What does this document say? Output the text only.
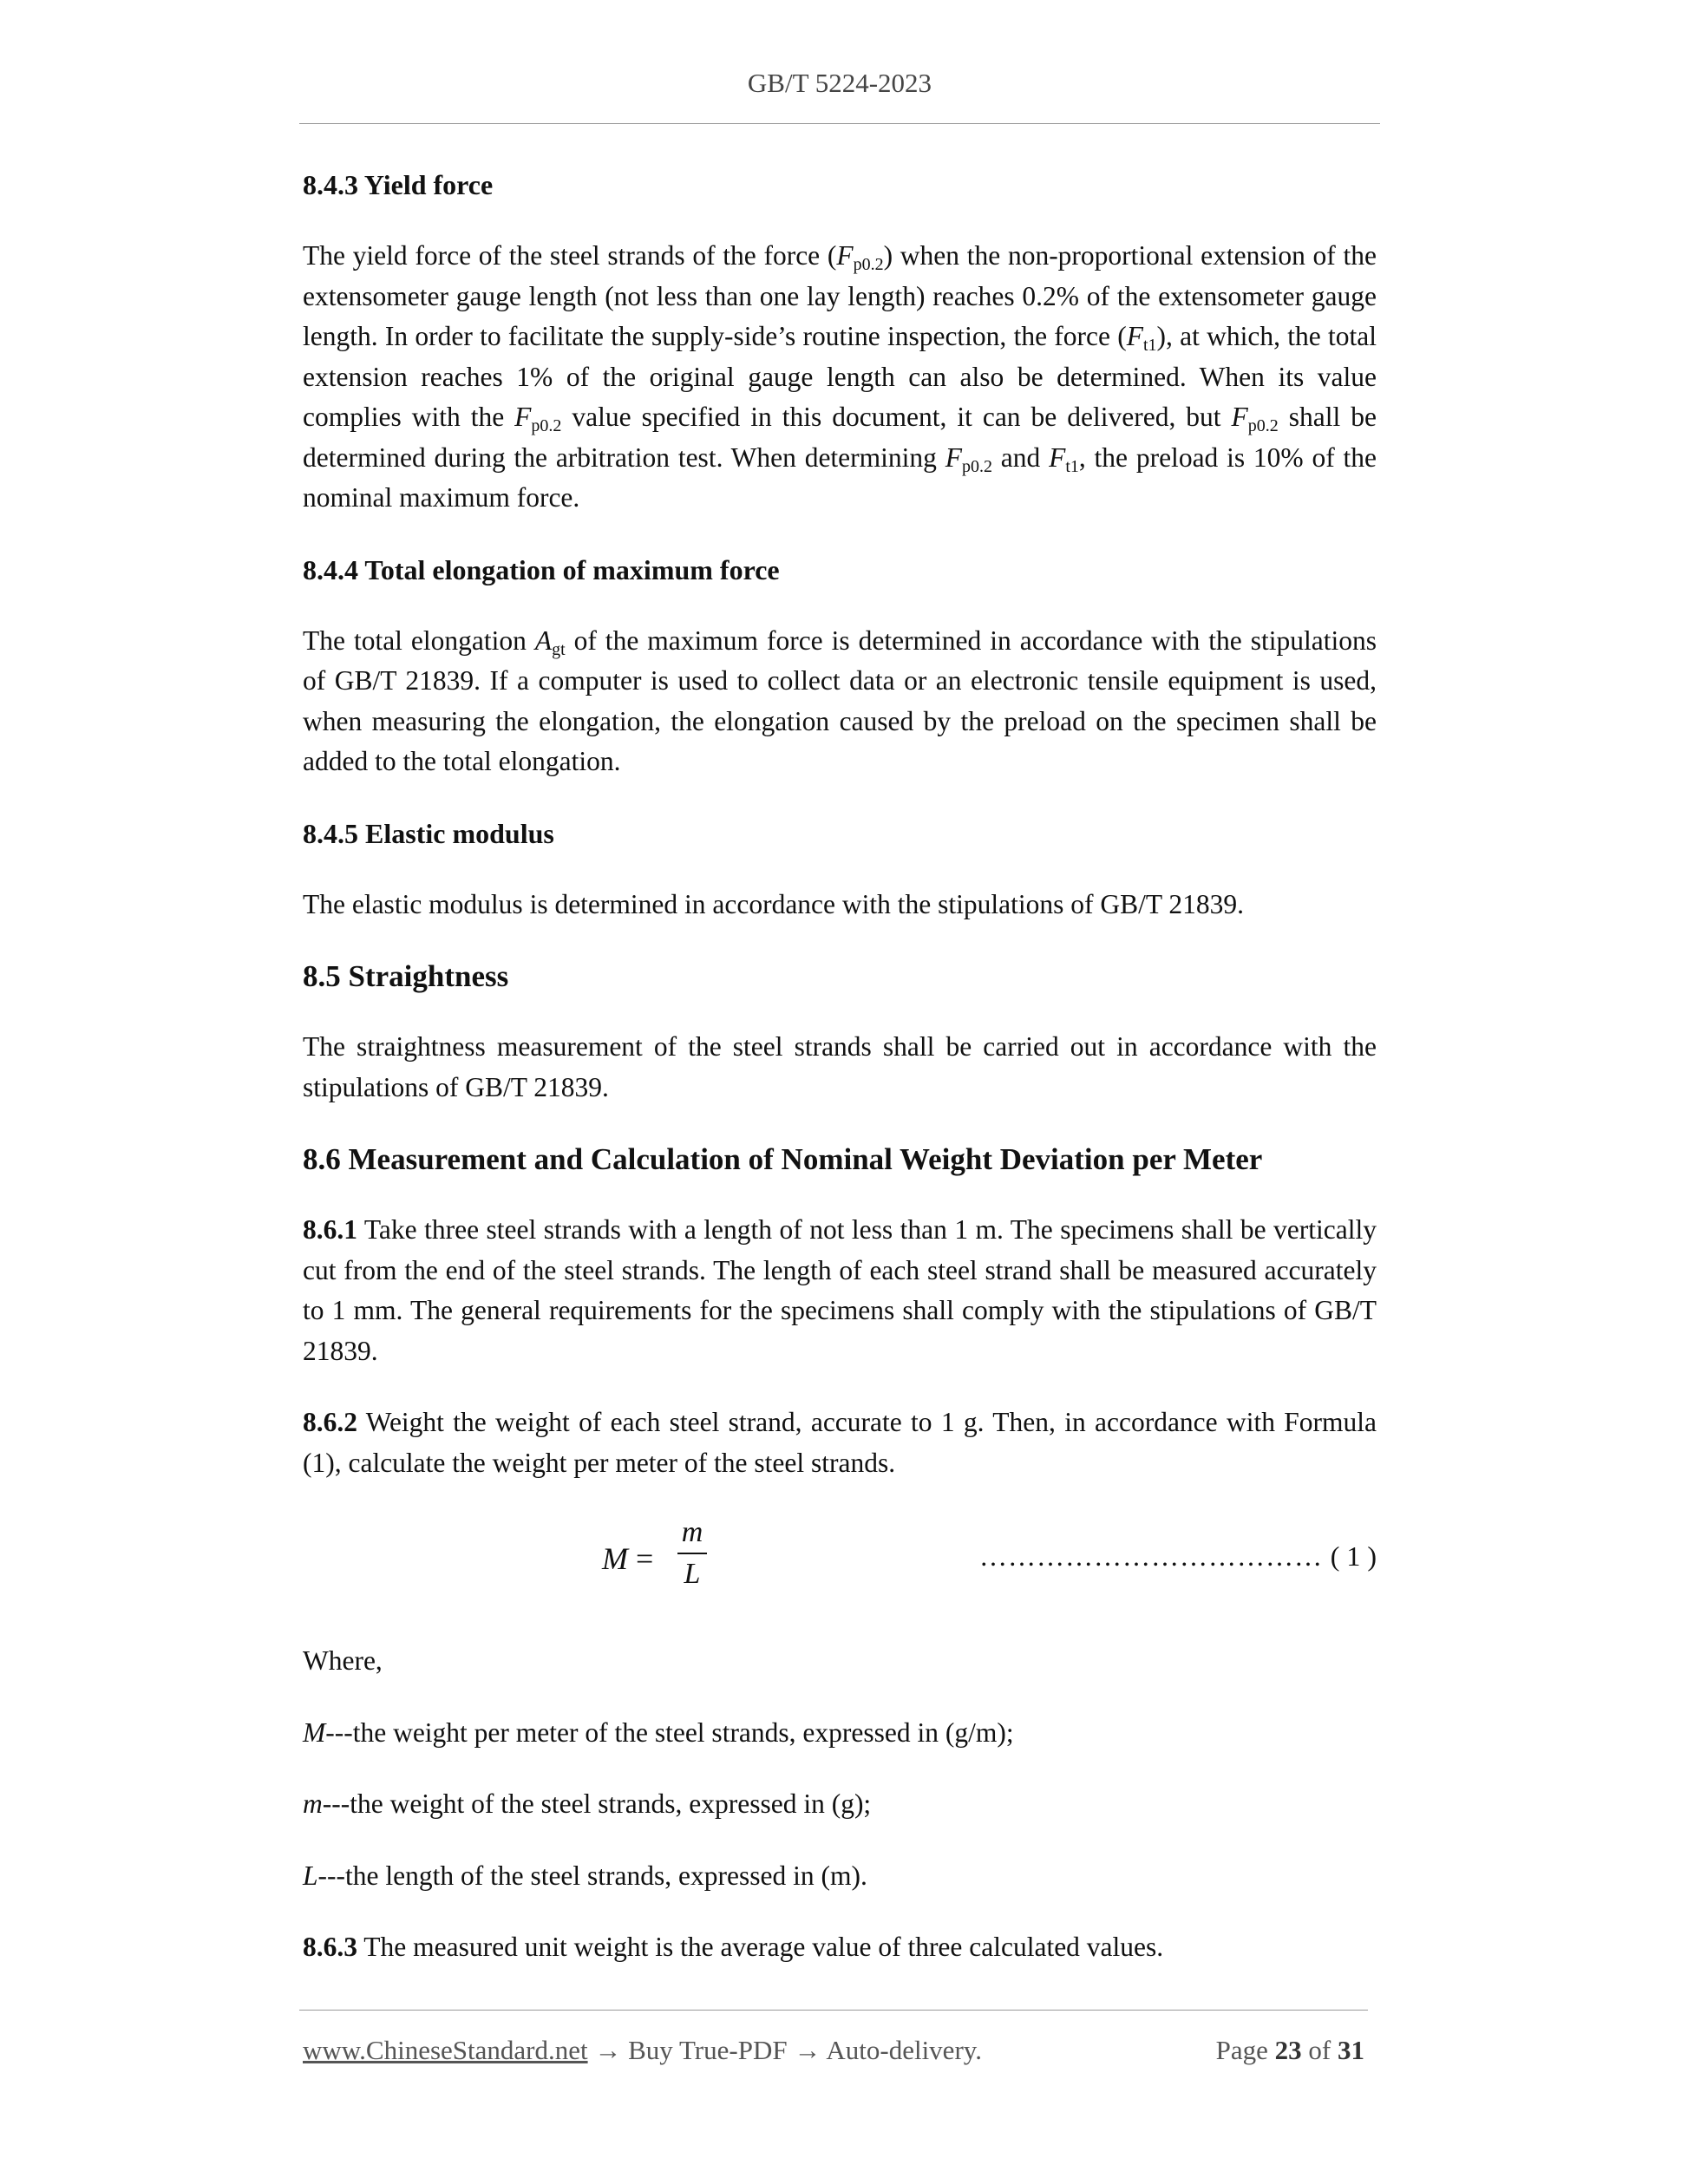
GB/T 5224-2023
8.4.3 Yield force
The yield force of the steel strands of the force $(F_{p0.2})$ when the non-proportional extension of the extensometer gauge length (not less than one lay length) reaches 0.2% of the extensometer gauge length. In order to facilitate the supply-side’s routine inspection, the force $(F_{t1})$, at which, the total extension reaches 1% of the original gauge length can also be determined. When its value complies with the $F_{p0.2}$ value specified in this document, it can be delivered, but $F_{p0.2}$ shall be determined during the arbitration test. When determining $F_{p0.2}$ and $F_{t1}$, the preload is 10% of the nominal maximum force.
8.4.4 Total elongation of maximum force
The total elongation $A_{gt}$ of the maximum force is determined in accordance with the stipulations of GB/T 21839. If a computer is used to collect data or an electronic tensile equipment is used, when measuring the elongation, the elongation caused by the preload on the specimen shall be added to the total elongation.
8.4.5 Elastic modulus
The elastic modulus is determined in accordance with the stipulations of GB/T 21839.
8.5 Straightness
The straightness measurement of the steel strands shall be carried out in accordance with the stipulations of GB/T 21839.
8.6 Measurement and Calculation of Nominal Weight Deviation per Meter
8.6.1 Take three steel strands with a length of not less than 1 m. The specimens shall be vertically cut from the end of the steel strands. The length of each steel strand shall be measured accurately to 1 mm. The general requirements for the specimens shall comply with the stipulations of GB/T 21839.
8.6.2 Weight the weight of each steel strand, accurate to 1 g. Then, in accordance with Formula (1), calculate the weight per meter of the steel strands.
M =
m
L
……………………………… ( 1 )
Where,
M---the weight per meter of the steel strands, expressed in (g/m);
m---the weight of the steel strands, expressed in (g);
L---the length of the steel strands, expressed in (m).
8.6.3 The measured unit weight is the average value of three calculated values.
www.ChineseStandard.net → Buy True-PDF → Auto-delivery.	Page 23 of 31
